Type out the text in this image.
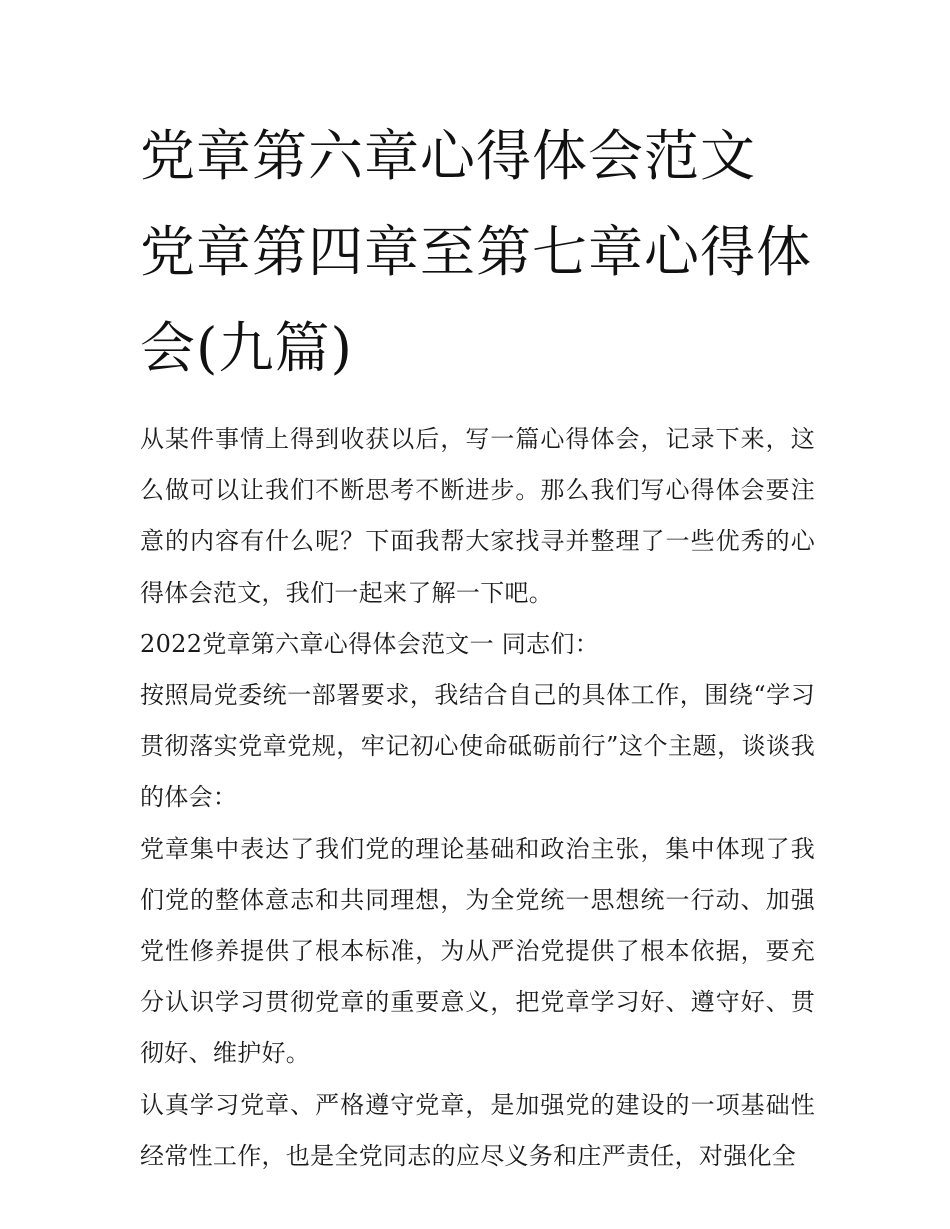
党章第六章心得体会范文 党章第四章至第七章心得体会(九篇)

从某件事情上得到收获以后，写一篇心得体会，记录下来，这么做可以让我们不断思考不断进步。那么我们写心得体会要注意的内容有什么呢？下面我帮大家找寻并整理了一些优秀的心得体会范文，我们一起来了解一下吧。

2022党章第六章心得体会范文一 同志们：

按照局党委统一部署要求，我结合自己的具体工作，围绕“学习贯彻落实党章党规，牢记初心使命砥砺前行”这个主题，谈谈我的体会：

党章集中表达了我们党的理论基础和政治主张，集中体现了我们党的整体意志和共同理想，为全党统一思想统一行动、加强党性修养提供了根本标准，为从严治党提供了根本依据，要充分认识学习贯彻党章的重要意义，把党章学习好、遵守好、贯彻好、维护好。

认真学习党章、严格遵守党章，是加强党的建设的一项基础性经常性工作，也是全党同志的应尽义务和庄严责任，对强化全
